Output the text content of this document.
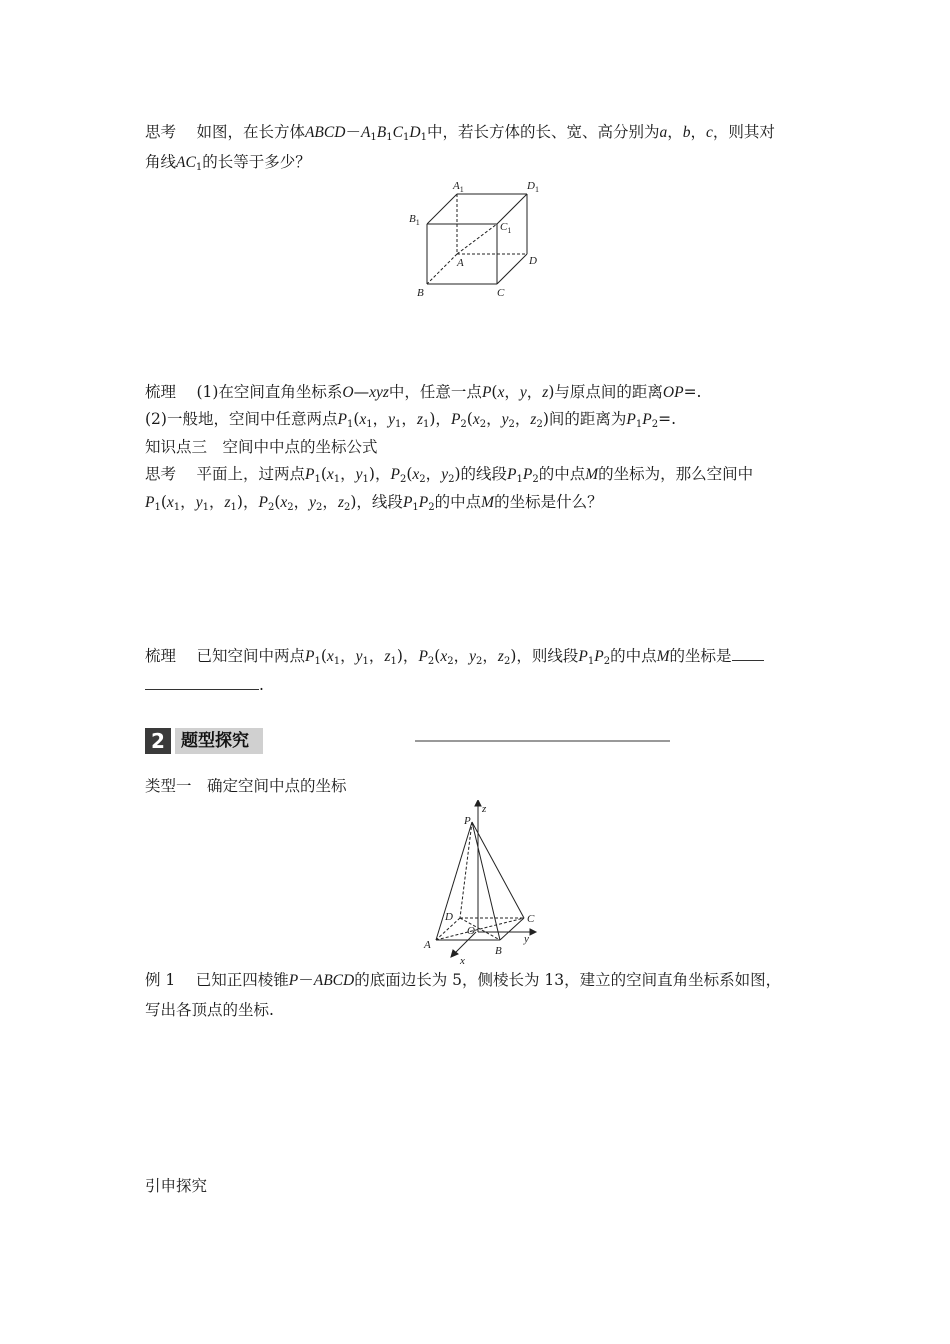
思考　 如图，在长方体$ABCD-A_1B_1C_1D_1$中，若长方体的长、宽、高分别为a，b，c，则其对
角线$AC_1$的长等于多少？
$A_1$	$D_1$
$B_1$	$C_1$
A	D
B	C
梳理　 (1)在空间直角坐标系O—xyz中，任意一点P(x，y，z)与原点间的距离OP=.
(2)一般地，空间中任意两点$P_1(x_1$，$y_1$，$z_1$)，$P_2(x_2$，$y_2$，$z_2$)间的距离为$P_1P_2=$.
知识点三　空间中中点的坐标公式
思考　 平面上，过两点$P_1(x_1$，$y_1$)，$P_2(x_2$，$y_2$)的线段$P_1P_2$的中点M的坐标为，那么空间中
$P_1(x_1$，$y_1$，$z_1$)，$P_2(x_2$，$y_2$，$z_2$)，线段$P_1P_2$的中点M的坐标是什么？
梳理　 已知空间中两点$P_1(x_1$，$y_1$，$z_1$)，$P_2(x_2$，$y_2$，$z_2$)，则线段$P_1P_2$的中点M的坐标是
.
2 题型探究
类型一　确定空间中点的坐标
P
z
D	C
A
O
B
x
y
例 1　 已知正四棱锥P－ABCD的底面边长为 5，侧棱长为 13，建立的空间直角坐标系如图，
写出各顶点的坐标.
引申探究
